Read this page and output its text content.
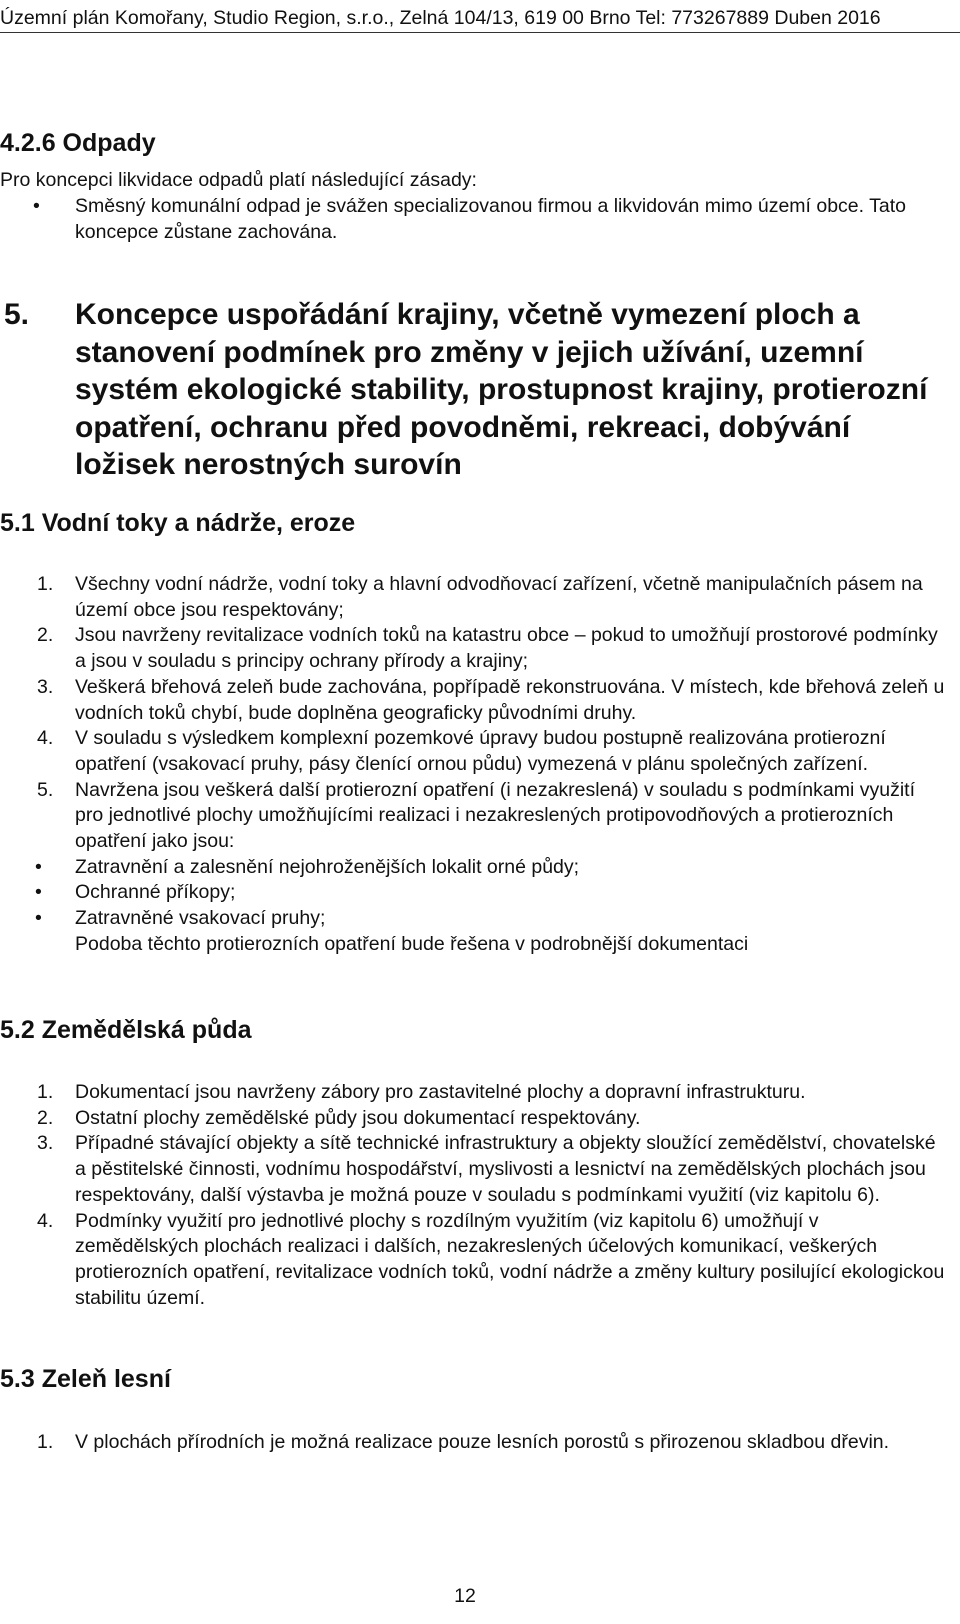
Územní plán Komořany, Studio Region, s.r.o., Zelná 104/13, 619 00 Brno Tel: 773267889 Duben 2016
4.2.6 Odpady
Pro koncepci likvidace odpadů platí následující zásady:
• Směsný komunální odpad je svážen specializovanou firmou a likvidován mimo území obce. Tato koncepce zůstane zachována.
5. Koncepce uspořádání krajiny, včetně vymezení ploch a stanovení podmínek pro změny v jejich užívání, uzemní systém ekologické stability, prostupnost krajiny, protierozní opatření, ochranu před povodněmi, rekreaci, dobývání ložisek nerostných surovín
5.1 Vodní toky a nádrže, eroze
1. Všechny vodní nádrže, vodní toky a hlavní odvodňovací zařízení, včetně manipulačních pásem na území obce jsou respektovány;
2. Jsou navrženy revitalizace vodních toků na katastru obce – pokud to umožňují prostorové podmínky a jsou v souladu s principy ochrany přírody a krajiny;
3. Veškerá břehová zeleň bude zachována, popřípadě rekonstruována. V místech, kde břehová zeleň u vodních toků chybí, bude doplněna geograficky původními druhy.
4. V souladu s výsledkem komplexní pozemkové úpravy budou postupně realizována protierozní opatření (vsakovací pruhy, pásy členící ornou půdu) vymezená v plánu společných zařízení.
5. Navržena jsou veškerá další protierozní opatření (i nezakreslená) v souladu s podmínkami využití pro jednotlivé plochy umožňujícími realizaci i nezakreslených protipovodňových a protierozních opatření jako jsou:
• Zatravnění a zalesnění nejohroženějších lokalit orné půdy;
• Ochranné příkopy;
• Zatravněné vsakovací pruhy;
Podoba těchto protierozních opatření bude řešena v podrobnější dokumentaci
5.2 Zemědělská půda
1. Dokumentací jsou navrženy zábory pro zastavitelné plochy a dopravní infrastrukturu.
2. Ostatní plochy zemědělské půdy jsou dokumentací respektovány.
3. Případné stávající objekty a sítě technické infrastruktury a objekty sloužící zemědělství, chovatelské a pěstitelské činnosti, vodnímu hospodářství, myslivosti a lesnictví na zemědělských plochách jsou respektovány, další výstavba je možná pouze v souladu s podmínkami využití (viz kapitolu 6).
4. Podmínky využití pro jednotlivé plochy s rozdílným využitím (viz kapitolu 6) umožňují v zemědělských plochách realizaci i dalších, nezakreslených účelových komunikací, veškerých protierozních opatření, revitalizace vodních toků, vodní nádrže a změny kultury posilující ekologickou stabilitu území.
5.3 Zeleň lesní
1. V plochách přírodních je možná realizace pouze lesních porostů s přirozenou skladbou dřevin.
12
